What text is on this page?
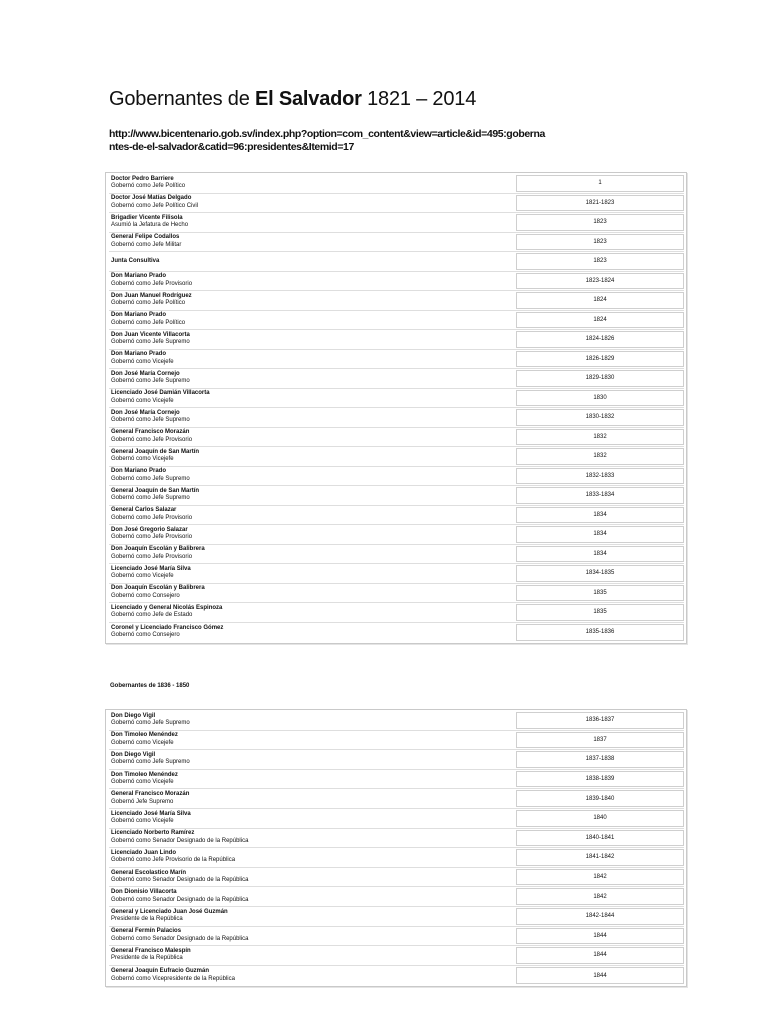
Gobernantes de El Salvador 1821 – 2014
http://www.bicentenario.gob.sv/index.php?option=com_content&view=article&id=495:gobernantes-de-el-salvador&catid=96:presidentes&Itemid=17
Doctor Pedro Barriere
Gobernó como Jefe Político	1
Doctor José Matías Delgado
Gobernó como Jefe Político Civil	1821-1823
Brigadier Vicente Filisola
Asumió la Jefatura de Hecho	1823
General Felipe Codallos
Gobernó como Jefe Militar	1823
Junta Consultiva	1823
Don Mariano Prado
Gobernó como Jefe Provisorio	1823-1824
Don Juan Manuel Rodríguez
Gobernó como Jefe Político	1824
Don Mariano Prado
Gobernó como Jefe Político	1824
Don Juan Vicente Villacorta
Gobernó como Jefe Supremo	1824-1826
Don Mariano Prado
Gobernó como Vicejefe	1826-1829
Don José María Cornejo
Gobernó como Jefe Supremo	1829-1830
Licenciado José Damián Villacorta
Gobernó como Vicejefe	1830
Don José María Cornejo
Gobernó como Jefe Supremo	1830-1832
General Francisco Morazán
Gobernó como Jefe Provisorio	1832
General Joaquín de San Martín
Gobernó como Vicejefe	1832
Don Mariano Prado
Gobernó como Jefe Supremo	1832-1833
General Joaquín de San Martín
Gobernó como Jefe Supremo	1833-1834
General Carlos Salazar
Gobernó como Jefe Provisorio	1834
Don José Gregorio Salazar
Gobernó como Jefe Provisorio	1834
Don Joaquín Escolán y Balibrera
Gobernó como Jefe Provisorio	1834
Licenciado José María Silva
Gobernó como Vicejefe	1834-1835
Don Joaquín Escolán y Balibrera
Gobernó como Consejero	1835
Licenciado y General Nicolás Espinoza
Gobernó como Jefe de Estado	1835
Coronel y Licenciado Francisco Gómez
Gobernó como Consejero	1835-1836
Gobernantes de 1836 - 1850
Don Diego Vigil
Gobernó como Jefe Supremo	1836-1837
Don Timoleo Menéndez
Gobernó como Vicejefe	1837
Don Diego Vigil
Gobernó como Jefe Supremo	1837-1838
Don Timoleo Menéndez
Gobernó como Vicejefe	1838-1839
General Francisco Morazán
Gobernó Jefe Supremo	1839-1840
Licenciado José María Silva
Gobernó como Vicejefe	1840
Licenciado Norberto Ramírez
Gobernó como Senador Designado de la República	1840-1841
Licenciado Juan Lindo
Gobernó como Jefe Provisorio de la República	1841-1842
General Escolastico Marín
Gobernó como Senador Designado de la República	1842
Don Dionisio Villacorta
Gobernó como Senador Designado de la República	1842
General y Licenciado Juan José Guzmán
Presidente de la República	1842-1844
General Fermín Palacios
Gobernó como Senador Designado de la República	1844
General Francisco Malespín
Presidente de la República	1844
General Joaquín Eufracio Guzmán
Gobernó como Vicepresidente de la República	1844
